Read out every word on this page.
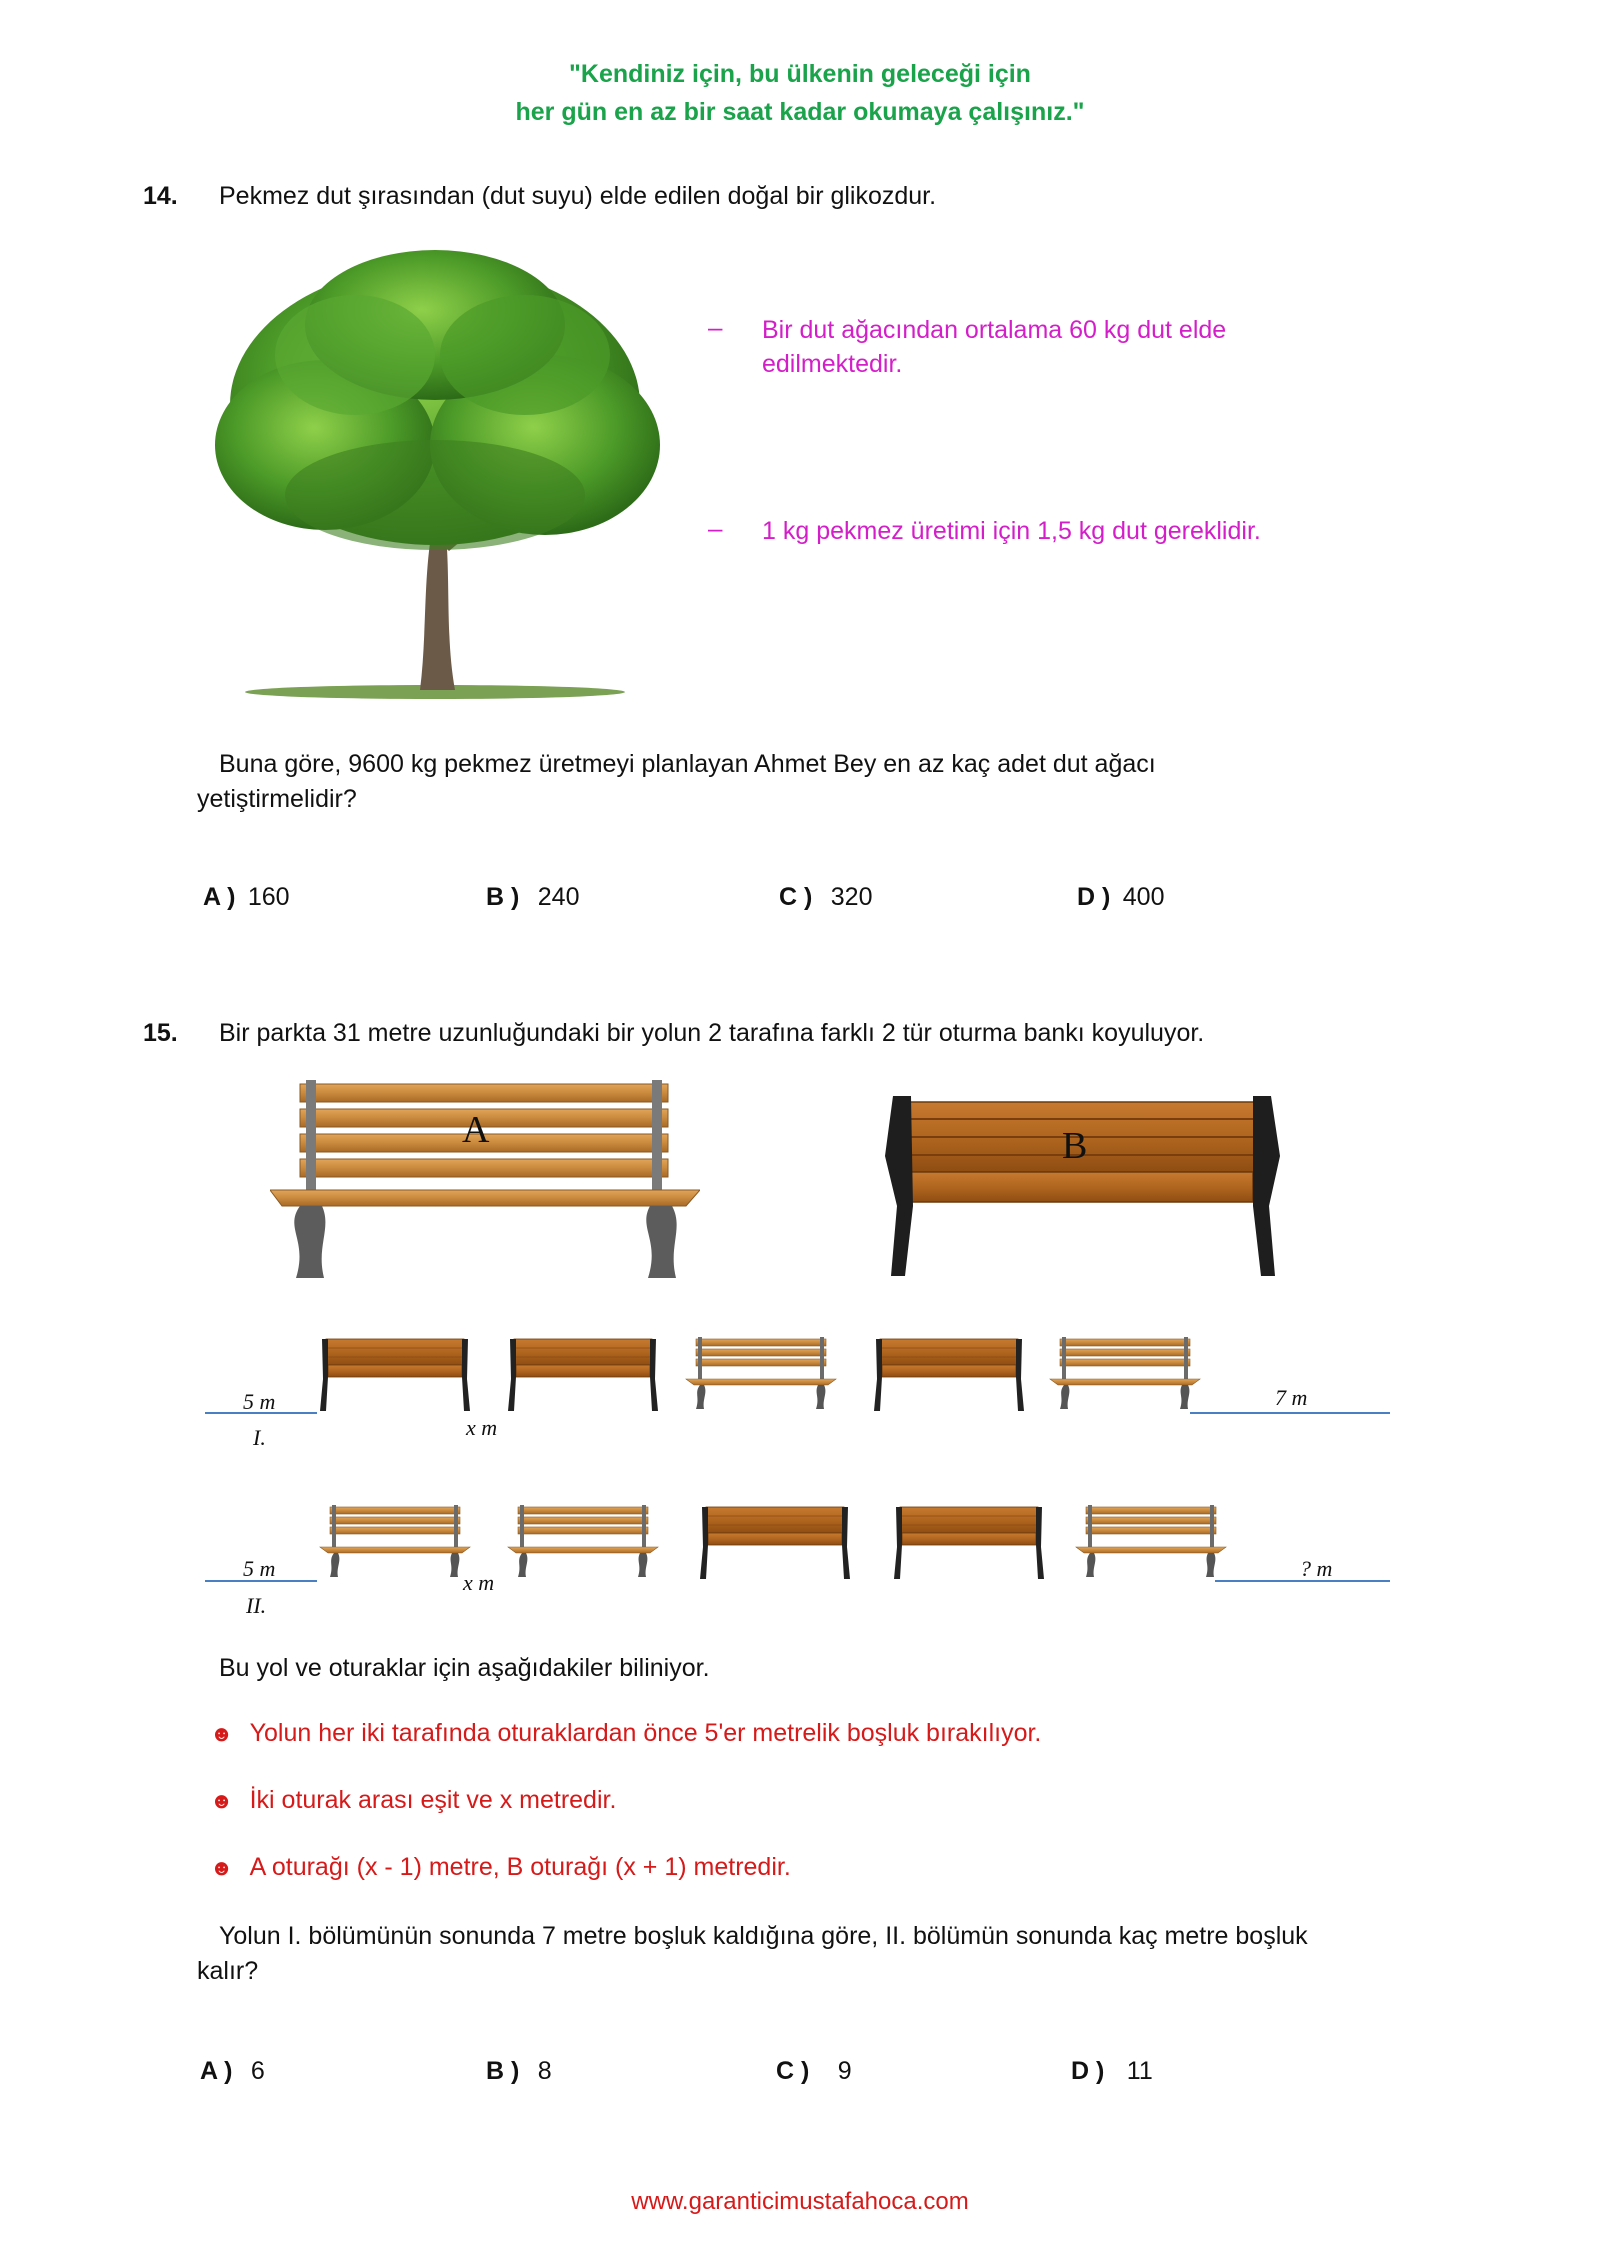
"Kendiniz için, bu ülkenin geleceği için
her gün en az bir saat kadar okumaya çalışınız."
14. Pekmez dut şırasından (dut suyu) elde edilen doğal bir glikozdur.
– Bir dut ağacından ortalama 60 kg dut elde
edilmektedir.
– 1 kg pekmez üretimi için 1,5 kg dut gereklidir.
Buna göre, 9600 kg pekmez üretmeyi planlayan Ahmet Bey en az kaç adet dut ağacı
yetiştirmelidir?
A ) 160	B ) 240	C ) 320	D ) 400
15. Bir parkta 31 metre uzunluğundaki bir yolun 2 tarafına farklı 2 tür oturma bankı koyuluyor.
A	B
5 m
I.	x m
7 m
5 m
II.
x m
? m
Bu yol ve oturaklar için aşağıdakiler biliniyor.
☻ Yolun her iki tarafında oturaklardan önce 5'er metrelik boşluk bırakılıyor.
☻ İki oturak arası eşit ve x metredir.
☻ A oturağı (x - 1) metre, B oturağı (x + 1) metredir.
Yolun I. bölümünün sonunda 7 metre boşluk kaldığına göre, II. bölümün sonunda kaç metre boşluk
kalır?
A ) 6	B ) 8	C ) 9	D ) 11
www.garanticimustafahoca.com
